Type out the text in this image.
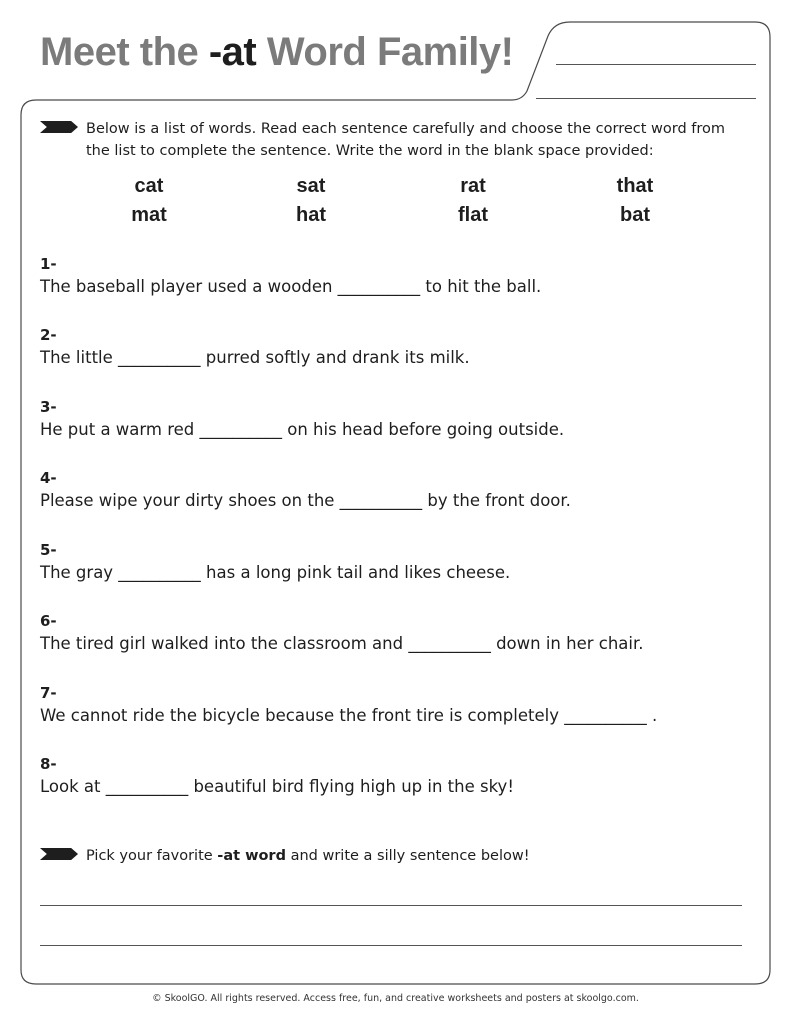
Meet the -at Word Family!
Below is a list of words. Read each sentence carefully and choose the correct word from
the list to complete the sentence. Write the word in the blank space provided:
cat	sat	rat	that
mat	hat	flat	bat
1-
The baseball player used a wooden __________ to hit the ball.
2-
The little __________ purred softly and drank its milk.
3-
He put a warm red __________ on his head before going outside.
4-
Please wipe your dirty shoes on the __________ by the front door.
5-
The gray __________ has a long pink tail and likes cheese.
6-
The tired girl walked into the classroom and __________ down in her chair.
7-
We cannot ride the bicycle because the front tire is completely __________ .
8-
Look at __________ beautiful bird flying high up in the sky!
Pick your favorite -at word and write a silly sentence below!
© SkoolGO. All rights reserved. Access free, fun, and creative worksheets and posters at skoolgo.com.
